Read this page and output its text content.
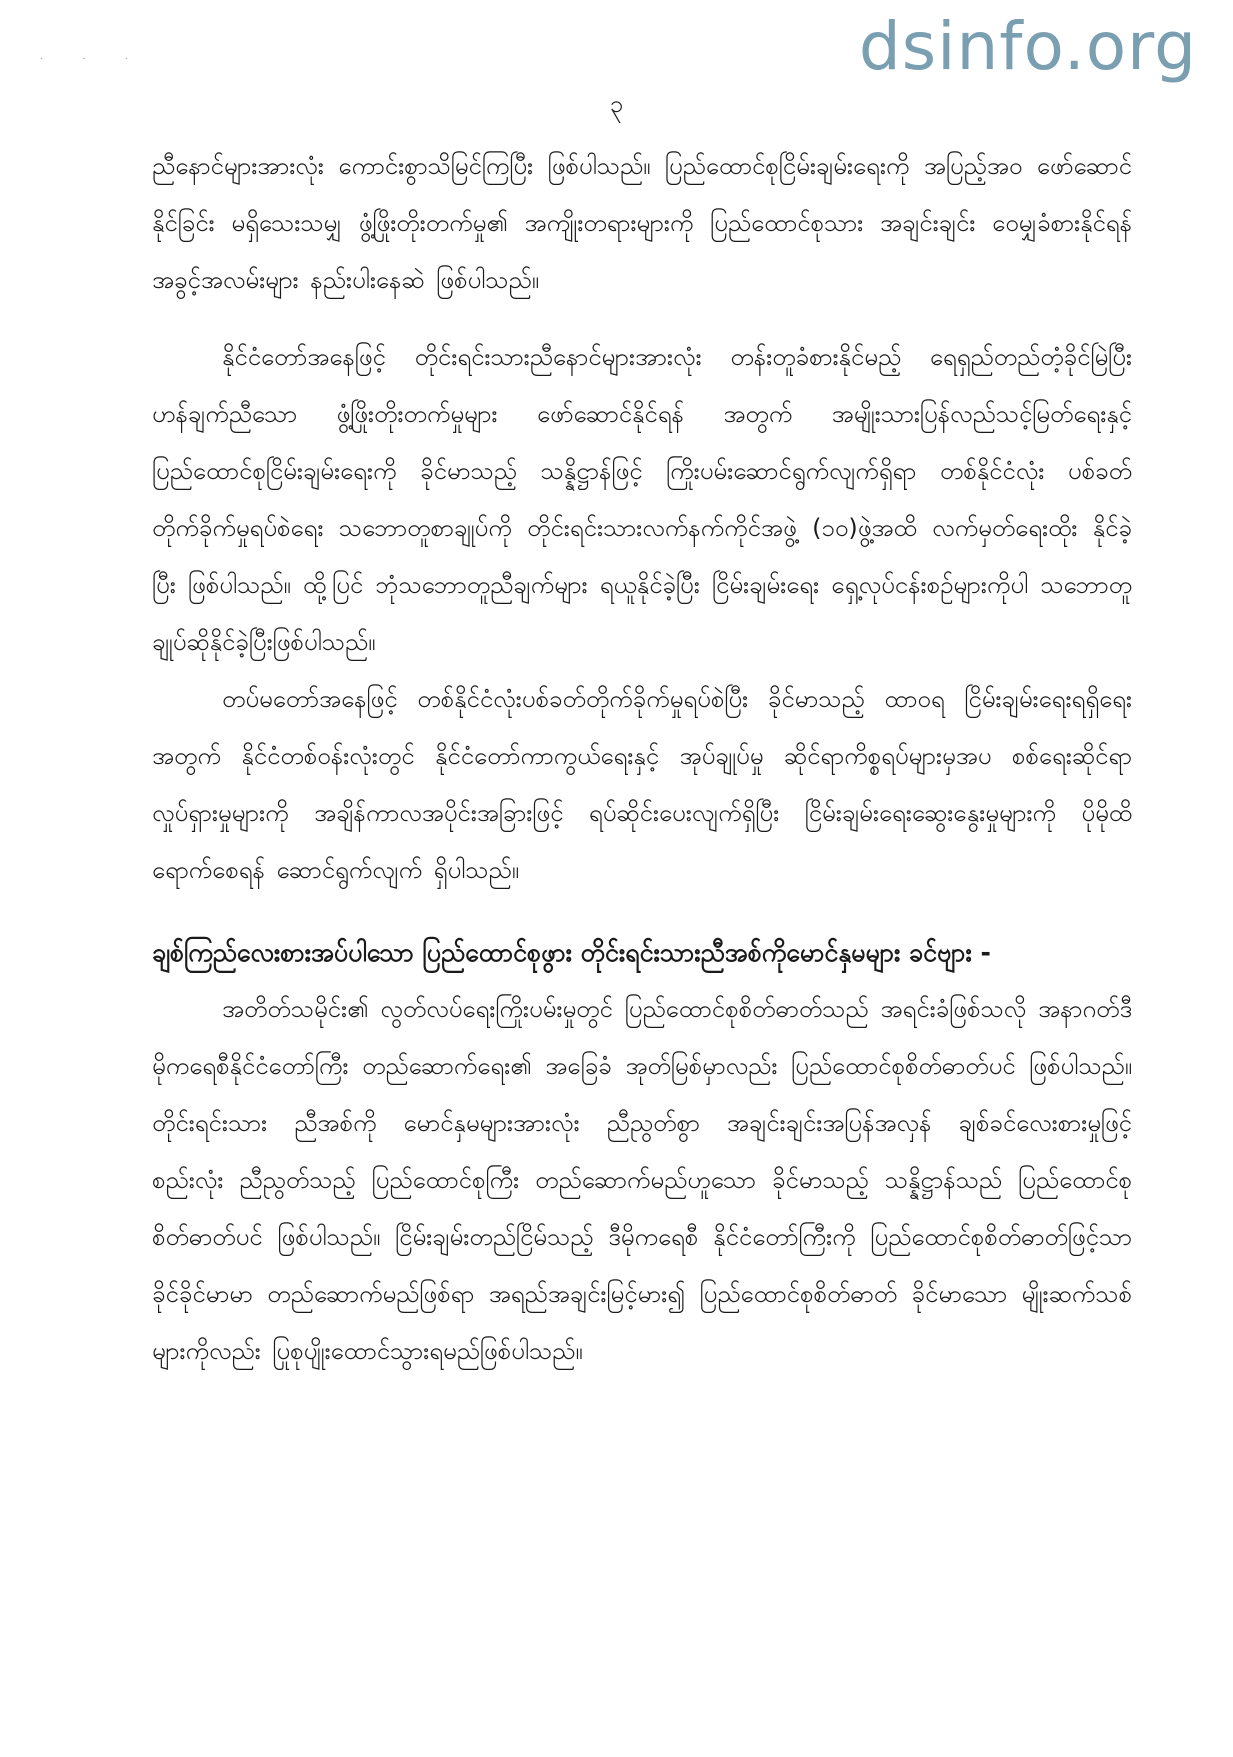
dsinfo.org
· · ·
၃

ညီနောင်များအားလုံး ကောင်းစွာသိမြင်ကြပြီး ဖြစ်ပါသည်။ ပြည်ထောင်စုငြိမ်းချမ်းရေးကို အပြည့်အဝ ဖော်ဆောင်နိုင်ခြင်း မရှိသေးသမျှ ဖွံ့ဖြိုးတိုးတက်မှု၏ အကျိုးတရားများကို ပြည်ထောင်စုသား အချင်းချင်း ဝေမျှခံစားနိုင်ရန် အခွင့်အလမ်းများ နည်းပါးနေဆဲ ဖြစ်ပါသည်။

နိုင်ငံတော်အနေဖြင့် တိုင်းရင်းသားညီနောင်များအားလုံး တန်းတူခံစားနိုင်မည့် ရေရှည်တည်တံ့ခိုင်မြဲပြီး ဟန်ချက်ညီသော ဖွံ့ဖြိုးတိုးတက်မှုများ ဖော်ဆောင်နိုင်ရန် အတွက် အမျိုးသားပြန်လည်သင့်မြတ်ရေးနှင့် ပြည်ထောင်စုငြိမ်းချမ်းရေးကို ခိုင်မာသည့် သန္နိဋ္ဌာန်ဖြင့် ကြိုးပမ်းဆောင်ရွက်လျက်ရှိရာ တစ်နိုင်ငံလုံး ပစ်ခတ်တိုက်ခိုက်မှုရပ်စဲရေး သဘောတူစာချုပ်ကို တိုင်းရင်းသားလက်နက်ကိုင်အဖွဲ့ (၁၀)ဖွဲ့အထိ လက်မှတ်ရေးထိုး နိုင်ခဲ့ပြီး ဖြစ်ပါသည်။ ထို့ပြင် ဘုံသဘောတူညီချက်များ ရယူနိုင်ခဲ့ပြီး ငြိမ်းချမ်းရေး ရှေ့လုပ်ငန်းစဉ်များကိုပါ သဘောတူ ချုပ်ဆိုနိုင်ခဲ့ပြီးဖြစ်ပါသည်။

တပ်မတော်အနေဖြင့် တစ်နိုင်ငံလုံးပစ်ခတ်တိုက်ခိုက်မှုရပ်စဲပြီး ခိုင်မာသည့် ထာဝရ ငြိမ်းချမ်းရေးရရှိရေးအတွက် နိုင်ငံတစ်ဝန်းလုံးတွင် နိုင်ငံတော်ကာကွယ်ရေးနှင့် အုပ်ချုပ်မှု ဆိုင်ရာကိစ္စရပ်များမှအပ စစ်ရေးဆိုင်ရာလှုပ်ရှားမှုများကို အချိန်ကာလအပိုင်းအခြားဖြင့် ရပ်ဆိုင်းပေးလျက်ရှိပြီး ငြိမ်းချမ်းရေးဆွေးနွေးမှုများကို ပိုမိုထိရောက်စေရန် ဆောင်ရွက်လျက် ရှိပါသည်။

ချစ်ကြည်လေးစားအပ်ပါသော ပြည်ထောင်စုဖွား တိုင်းရင်းသားညီအစ်ကိုမောင်နှမများ ခင်ဗျား -

အတိတ်သမိုင်း၏ လွတ်လပ်ရေးကြိုးပမ်းမှုတွင် ပြည်ထောင်စုစိတ်ဓာတ်သည် အရင်းခံဖြစ်သလို အနာဂတ်ဒီမိုကရေစီနိုင်ငံတော်ကြီး တည်ဆောက်ရေး၏ အခြေခံ အုတ်မြစ်မှာလည်း ပြည်ထောင်စုစိတ်ဓာတ်ပင် ဖြစ်ပါသည်။ တိုင်းရင်းသား ညီအစ်ကို မောင်နှမများအားလုံး ညီညွတ်စွာ အချင်းချင်းအပြန်အလှန် ချစ်ခင်လေးစားမှုဖြင့် စည်းလုံး ညီညွတ်သည့် ပြည်ထောင်စုကြီး တည်ဆောက်မည်ဟူသော ခိုင်မာသည့် သန္နိဋ္ဌာန်သည် ပြည်ထောင်စုစိတ်ဓာတ်ပင် ဖြစ်ပါသည်။ ငြိမ်းချမ်းတည်ငြိမ်သည့် ဒီမိုကရေစီ နိုင်ငံတော်ကြီးကို ပြည်ထောင်စုစိတ်ဓာတ်ဖြင့်သာ ခိုင်ခိုင်မာမာ တည်ဆောက်မည်ဖြစ်ရာ အရည်အချင်းမြင့်မား၍ ပြည်ထောင်စုစိတ်ဓာတ် ခိုင်မာသော မျိုးဆက်သစ်များကိုလည်း ပြုစုပျိုးထောင်သွားရမည်ဖြစ်ပါသည်။
